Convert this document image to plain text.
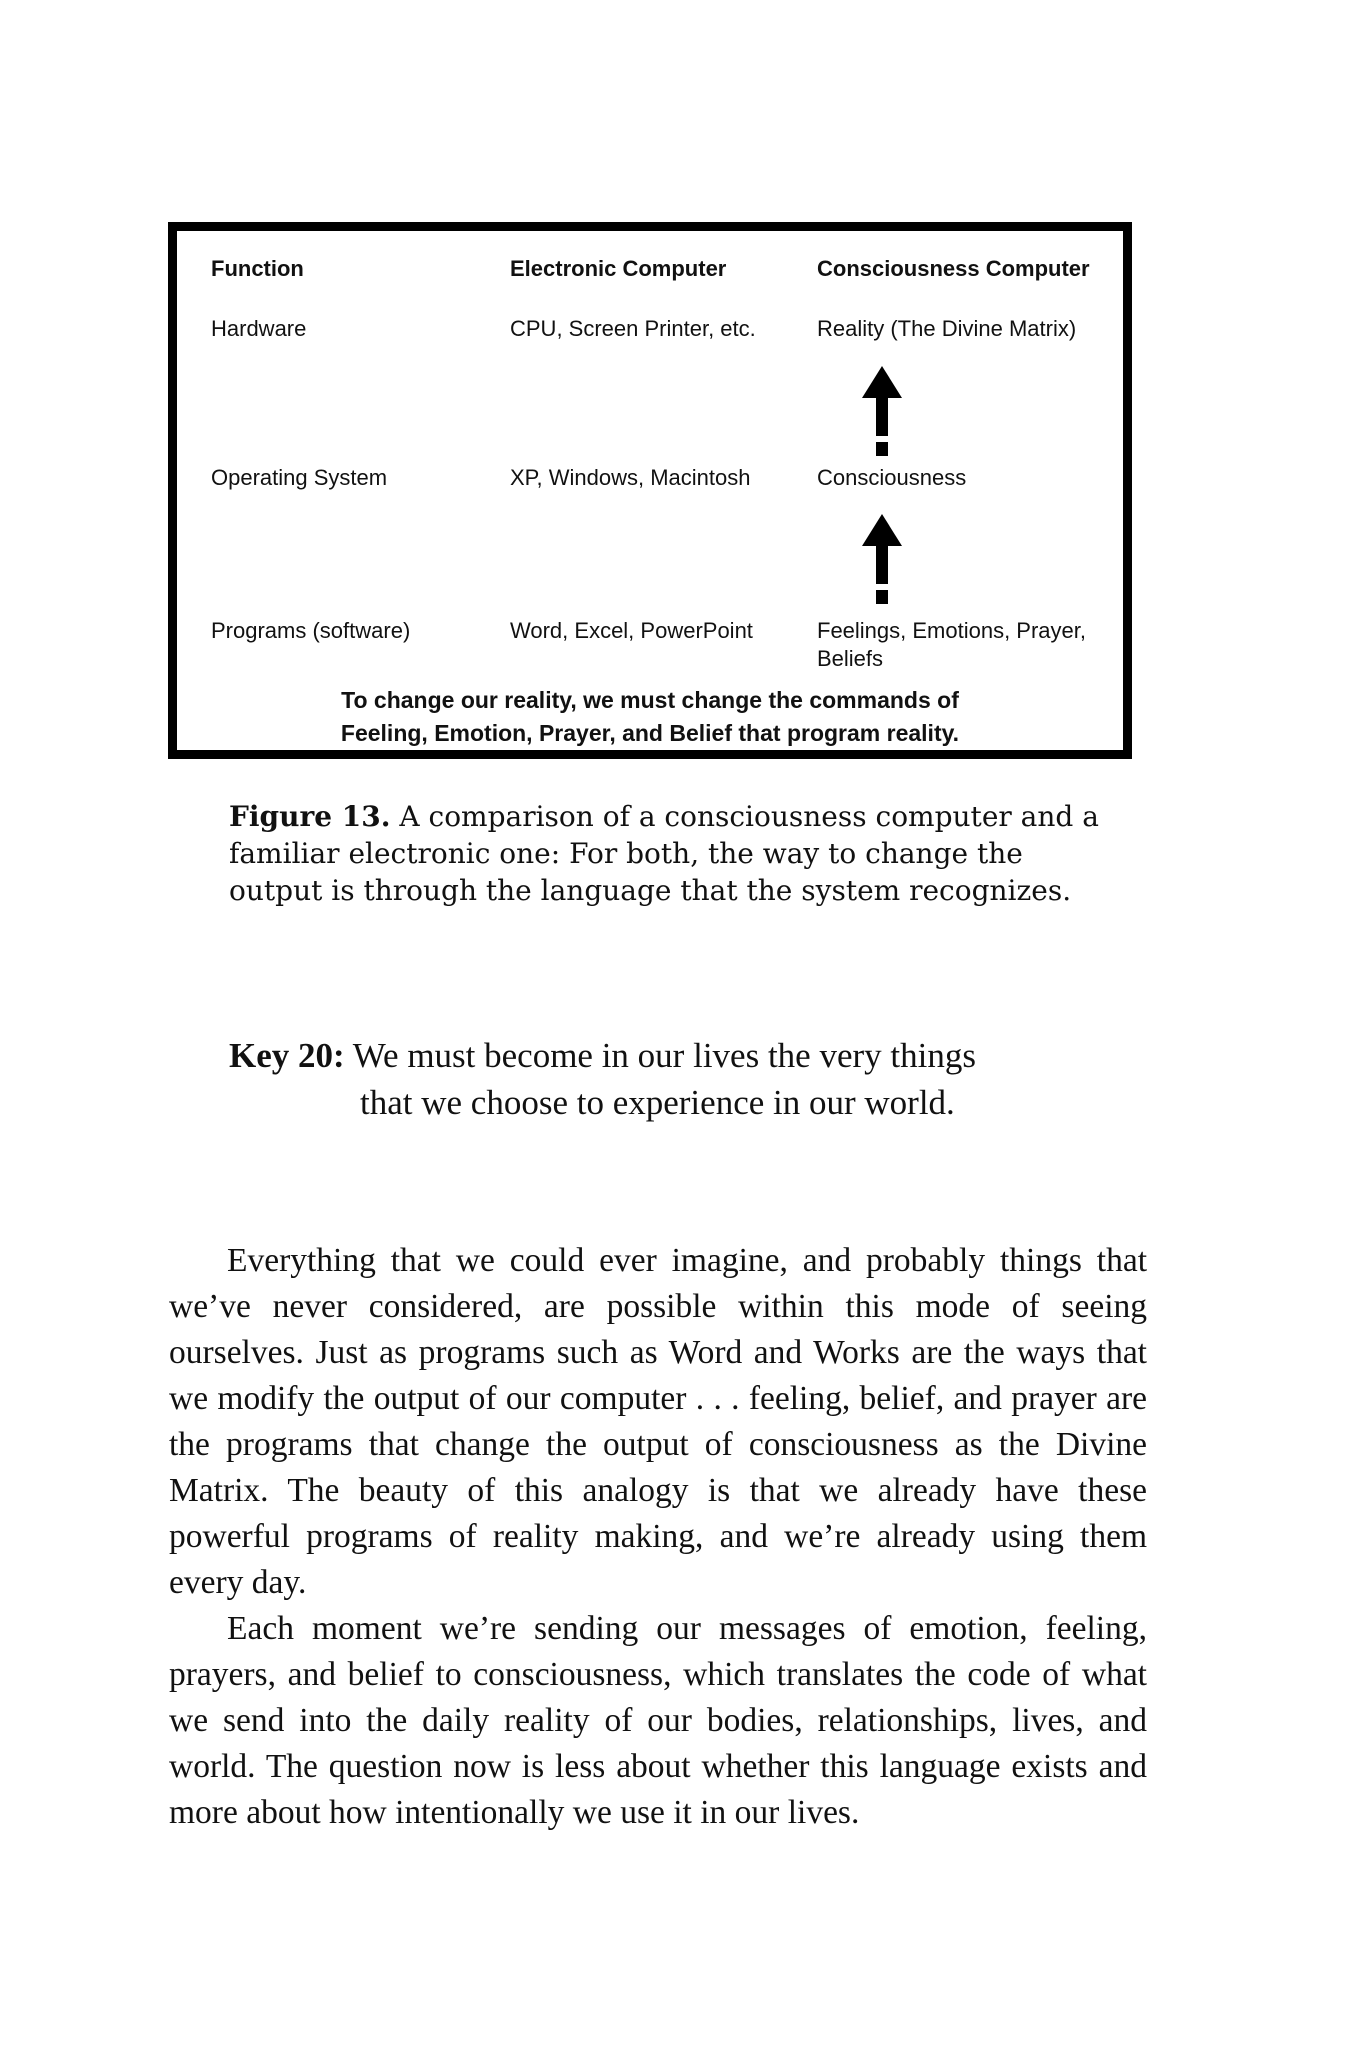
Function	Electronic Computer	Consciousness Computer
Hardware	CPU, Screen Printer, etc.	Reality (The Divine Matrix)
Operating System	XP, Windows, Macintosh	Consciousness
Programs (software)	Word, Excel, PowerPoint	Feelings, Emotions, Prayer, Beliefs
To change our reality, we must change the commands of
Feeling, Emotion, Prayer, and Belief that program reality.
Figure 13. A comparison of a consciousness computer and a familiar electronic one: For both, the way to change the output is through the language that the system recognizes.
Key 20: We must become in our lives the very things
that we choose to experience in our world.

Everything that we could ever imagine, and probably things that we’ve never considered, are possible within this mode of seeing ourselves. Just as programs such as Word and Works are the ways that we modify the output of our computer . . . feeling, belief, and prayer are the programs that change the output of consciousness as the Divine Matrix. The beauty of this analogy is that we already have these powerful programs of reality making, and we’re already using them every day.

Each moment we’re sending our messages of emotion, feeling, prayers, and belief to consciousness, which translates the code of what we send into the daily reality of our bodies, relationships, lives, and world. The question now is less about whether this language exists and more about how intentionally we use it in our lives.
